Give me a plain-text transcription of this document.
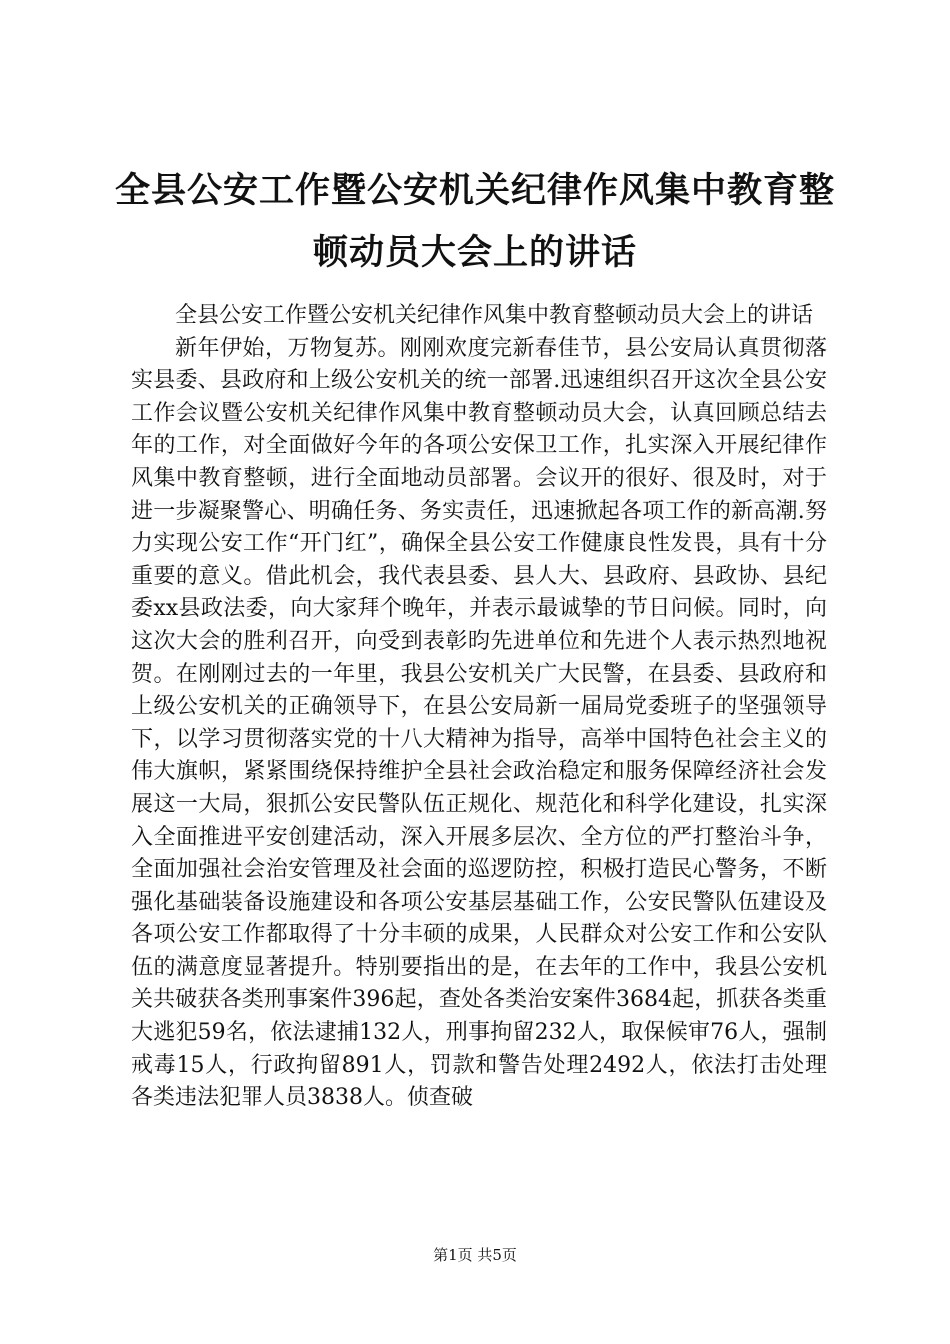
全县公安工作暨公安机关纪律作风集中教育整
顿动员大会上的讲话

全县公安工作暨公安机关纪律作风集中教育整顿动员大会上的讲话

新年伊始，万物复苏。刚刚欢度完新春佳节，县公安局认真贯彻落实县委、县政府和上级公安机关的统一部署.迅速组织召开这次全县公安工作会议暨公安机关纪律作风集中教育整顿动员大会，认真回顾总结去年的工作，对全面做好今年的各项公安保卫工作，扎实深入开展纪律作风集中教育整顿，进行全面地动员部署。会议开的很好、很及时，对于进一步凝聚警心、明确任务、务实责任，迅速掀起各项工作的新高潮.努力实现公安工作“开门红”，确保全县公安工作健康良性发畏，具有十分重要的意义。借此机会，我代表县委、县人大、县政府、县政协、县纪委xx县政法委，向大家拜个晚年，并表示最诚挚的节日问候。同时，向这次大会的胜利召开，向受到表彰昀先进单位和先进个人表示热烈地祝贺。在刚刚过去的一年里，我县公安机关广大民警，在县委、县政府和上级公安机关的正确领导下，在县公安局新一届局党委班子的坚强领导下，以学习贯彻落实党的十八大精神为指导，高举中国特色社会主义的伟大旗帜，紧紧围绕保持维护全县社会政治稳定和服务保障经济社会发展这一大局，狠抓公安民警队伍正规化、规范化和科学化建设，扎实深入全面推进平安创建活动，深入开展多层次、全方位的严打整治斗争，全面加强社会治安管理及社会面的巡逻防控，积极打造民心警务，不断强化基础装备设施建设和各项公安基层基础工作，公安民警队伍建设及各项公安工作都取得了十分丰硕的成果，人民群众对公安工作和公安队伍的满意度显著提升。特别要指出的是，在去年的工作中，我县公安机关共破获各类刑事案件396起，查处各类治安案件3684起，抓获各类重大逃犯59名，依法逮捕132人，刑事拘留232人，取保候审76人，强制戒毒15人，行政拘留891人，罚款和警告处理2492人，依法打击处理各类违法犯罪人员3838人。侦查破

第1页 共5页
